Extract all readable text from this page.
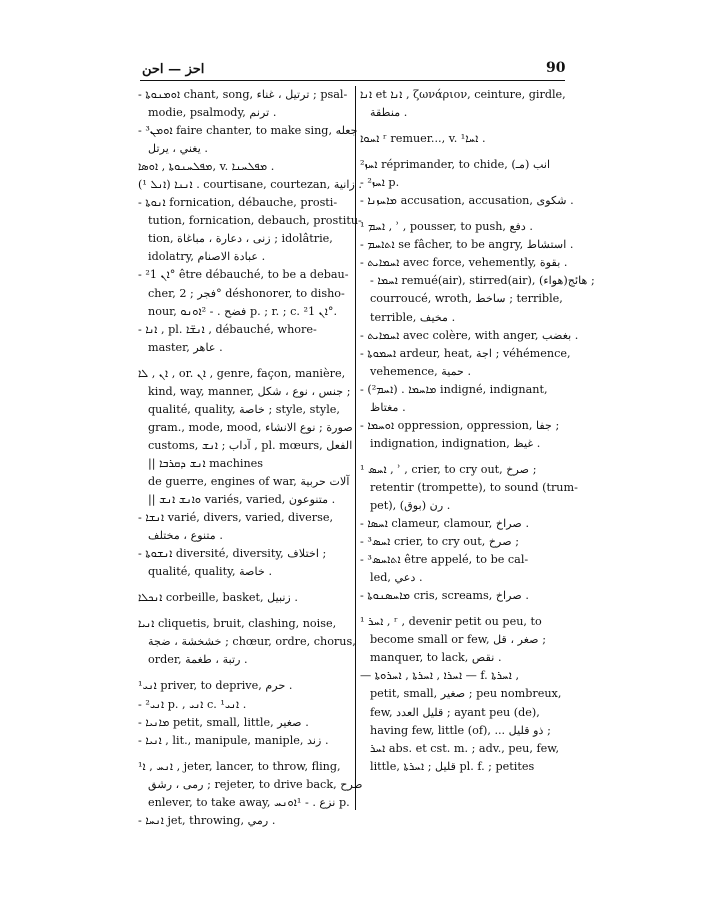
ﺍﺣﺰ — ﺍﺣﻦ	90
- ܐܘܡܢܘܬܐ chant, song, ترتيل ، غناء ; psal-
modie, psalmody, ترنم .
- ³ܐܘܡܢ faire chanter, to make sing, جعله
يغني ، يرتل .
ܡܦܠܚܢܘܬܐ , ܐܘܣܐ, v. ܡܦܠܚܢܐ .
(ܐܢܠ ¹) ܐܢܢܐ . courtisane, courtezan, زانية .
- ܐܢܘܬܐ fornication, débauche, prosti-
tution, fornication, debauch, prostitu-
tion, زنى ، دعارة ، مباغاة ; idolâtrie,
idolatry, عبادة الاصنام .
- ²ܐܢ 1° être débauché, to be a debau-
cher, فجر ; 2° déshonorer, to disho-
nour, فضح . - ²ܐܘܢܘ p. ; r. ; c. ²ܐܢ 1°.
- ܐܢܐ , pl. ܐܢܫ̈ܐ , débauché, whore-
master, عاهر .
ܐܢ , ܠܐ , or. ܐܢ , genre, façon, manière,
kind, way, manner, جنس ، نوع ، شكل ;
qualité, quality, خاصة ; style, style,
gram., mode, mood, صورة ; نوع الانشاء
customs, آداب ; ܐܢܫ , pl. mœurs, الفعل
|| ܐܢܫ ܕܩܪܒܐ machines
de guerre, engines of war, آلات حربية
|| ܘܐܢܫ ܐܢܫ variés, varied, متنوعون .
- ܐܢܫܐ varié, divers, varied, diverse,
متنوع ، مختلف .
- ܐܢܫܘܬܐ diversité, diversity, اختلاف ;
qualité, quality, خاصة .
ܐܢܟܠܐ corbeille, basket, زنبيل .
ܐܢܝܐ cliquetis, bruit, clashing, noise,
خشخشة ، ضجة ; chœur, ordre, chorus,
order, رتبة ، طغمة .
¹ܐܢܝ priver, to deprive, حرم .
- ²ܐܢܝ p. , ܐܢܝ c. ¹ܐܢܝ .
- ܡܐܢܝܐ petit, small, little, صغير .
- ܐܢܝܐ , lit., manipule, maniple, زند .
¹ܐܢܚ , ܐ , jeter, lancer, to throw, fling,
رمى ، رشق ; rejeter, to drive back, طرح
enlever, to take away, نزع . - ¹ܐܘܢܚ p.
- ܐܢܚܐ jet, throwing, رمي .
ܐܢܐ et ܐܢܐ , ζωνάριον, ceinture, girdle,
منطقة .
ܐܚܘܐ ʳ remuer..., v. ¹ܐܚܐ .
²ܐܚܙ réprimander, to chide, انب (مـ)
- ²ܐܚܙ p.
- ܡܐܚܙܢܐ accusation, accusation, شكوى .
ܐܚܡ ¹ , ʾ , pousser, to push, دفع .
- ܐܬܐܚܡ se fâcher, to be angry, استشاط .
- ܐܚܡܐܝܬ avec force, vehemently, بقوة .
- ܐܚܡܐ remué(air), stirred(air), هائج(هواء) ;
courroucé, wroth, ساخط ; terrible,
terrible, مخيف .
- ܐܚܡܐܝܬ avec colère, with anger, بغضب .
- ܐܚܡܘܬܐ ardeur, heat, اجة ; véhémence,
vehemence, حمية .
- (²ܐܚܡ) . ܡܐܚܡܐ indigné, indignant,
مغتاظ .
- ܐܘܚܡܐ oppression, oppression, جفا ;
indignation, indignation, غيظ .
ܐܚܣ ¹ , ʾ , crier, to cry out, صرخ ;
retentir (trompette), to sound (trum-
pet), رن (بوق) .
- ܐܚܣܐ clameur, clamour, صراخ .
- ³ܐܚܣ crier, to cry out, صرخ ;
- ³ܐܬܐܚܣ être appelé, to be cal-
led, دعي .
- ܡܐܚܣܢܘܬܐ cris, screams, صراخ .
ܐܚܪ ¹ , ʳ , devenir petit ou peu, to
become small or few, صغر ، قل ;
manquer, to lack, نقص .
— ܐܚܪܐ , ܐܚܪܬܐ , ܐܚܪܘܬܐ — f. ܐܚܪܬܐ ,
petit, small, صغير ; peu nombreux,
few, قليل العدد ; ayant peu (de),
having few, little (of), ... ذو قليل ;
ܐܚܪ abs. et cst. m. ; adv., peu, few,
little, قليل ; ܐܚܪܬܐ pl. f. ; petites
